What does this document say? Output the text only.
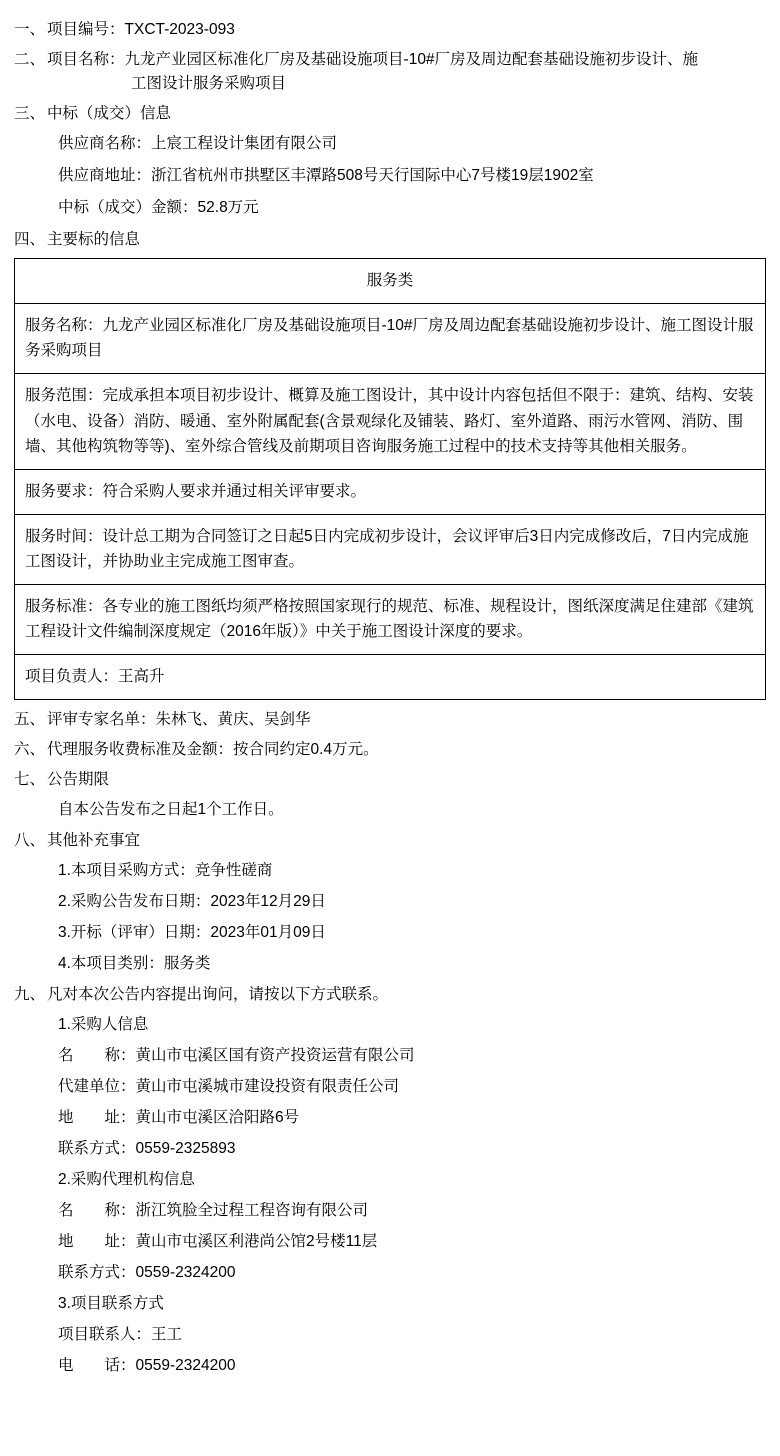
一、 项目编号：TXCT-2023-093
二、 项目名称：九龙产业园区标准化厂房及基础设施项目-10#厂房及周边配套基础设施初步设计、施
工图设计服务采购项目
三、 中标（成交）信息
供应商名称： 上宸工程设计集团有限公司
供应商地址： 浙江省杭州市拱墅区丰潭路508号天行国际中心7号楼19层1902室
中标（成交）金额： 52.8万元
四、 主要标的信息
服务类
服务名称：九龙产业园区标准化厂房及基础设施项目-10#厂房及周边配套基础设施初步设计、施工图设计服务采购项目
服务范围：完成承担本项目初步设计、概算及施工图设计，其中设计内容包括但不限于：建筑、结构、安装（水电、设备）消防、暖通、室外附属配套(含景观绿化及铺装、路灯、室外道路、雨污水管网、消防、围墙、其他构筑物等等)、室外综合管线及前期项目咨询服务施工过程中的技术支持等其他相关服务。
服务要求：符合采购人要求并通过相关评审要求。
服务时间：设计总工期为合同签订之日起5日内完成初步设计，会议评审后3日内完成修改后，7日内完成施工图设计，并协助业主完成施工图审查。
服务标准：各专业的施工图纸均须严格按照国家现行的规范、标准、规程设计，图纸深度满足住建部《建筑工程设计文件编制深度规定（2016年版）》中关于施工图设计深度的要求。
项目负责人：王高升
五、 评审专家名单：朱林飞、黄庆、吴剑华
六、 代理服务收费标准及金额：按合同约定0.4万元。
七、 公告期限
自本公告发布之日起1个工作日。
八、 其他补充事宜
1.本项目采购方式：竞争性磋商
2.采购公告发布日期：2023年12月29日
3.开标（评审）日期：2023年01月09日
4.本项目类别：服务类
九、 凡对本次公告内容提出询问，请按以下方式联系。
1.采购人信息
名　　称： 黄山市屯溪区国有资产投资运营有限公司
代建单位： 黄山市屯溪城市建设投资有限责任公司
地　　址： 黄山市屯溪区洽阳路6号
联系方式： 0559-2325893
2.采购代理机构信息
名　　称： 浙江筑脸全过程工程咨询有限公司
地　　址： 黄山市屯溪区利港尚公馆2号楼11层
联系方式： 0559-2324200
3.项目联系方式
项目联系人： 王工
电　　话： 0559-2324200
